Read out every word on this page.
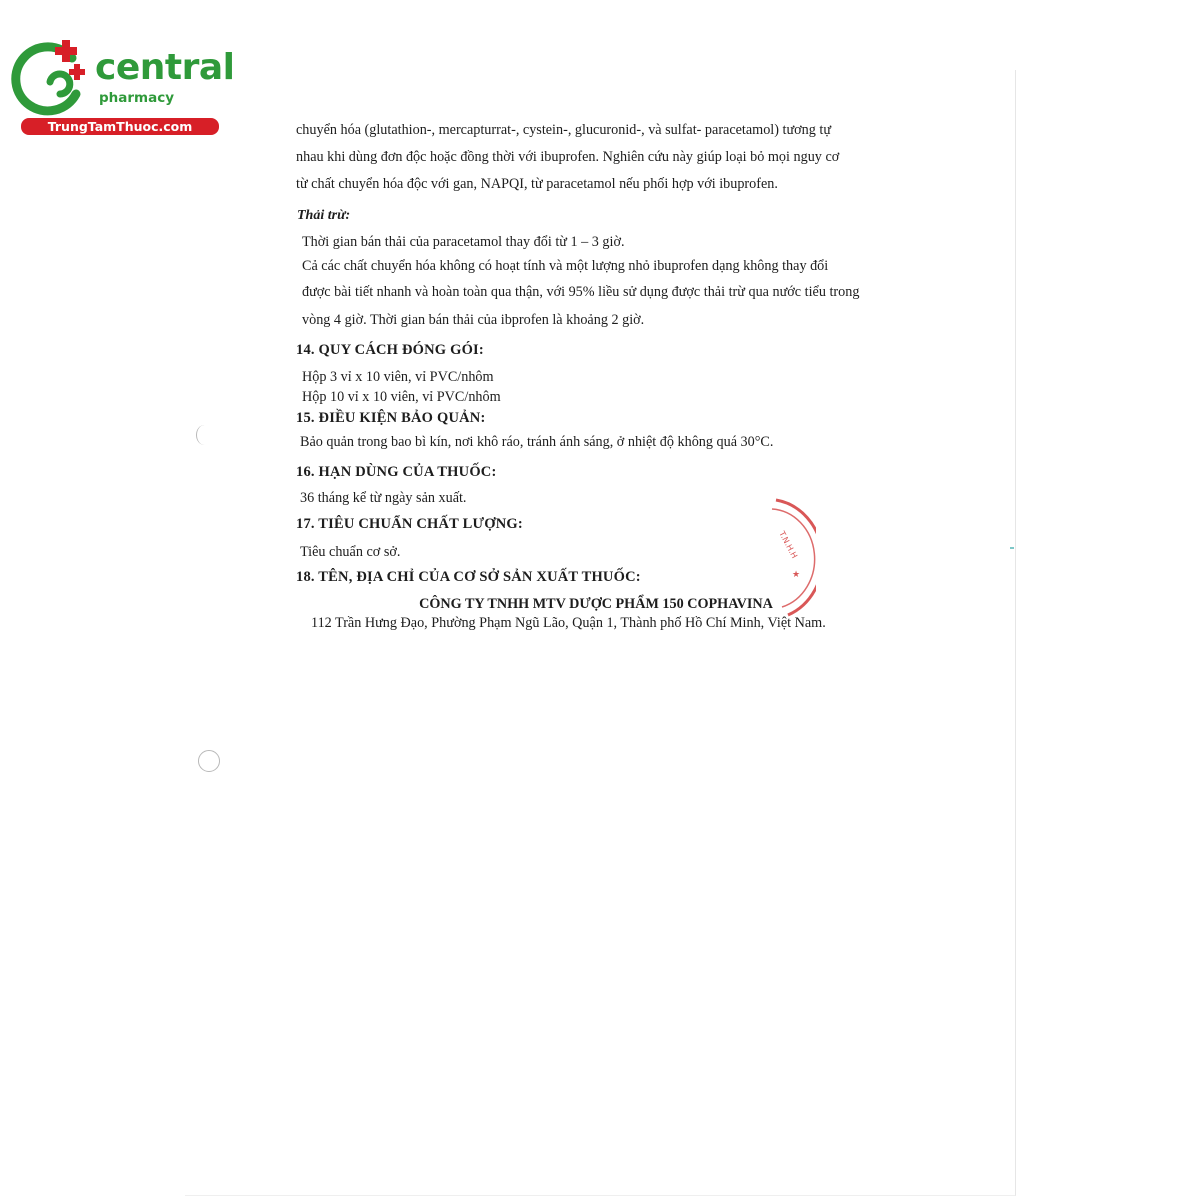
central
pharmacy
TrungTamThuoc.com	chuyển hóa (glutathion-, mercapturrat-, cystein-, glucuronid-, và sulfat- paracetamol) tương tự
nhau khi dùng đơn độc hoặc đồng thời với ibuprofen. Nghiên cứu này giúp loại bỏ mọi nguy cơ
từ chất chuyển hóa độc với gan, NAPQI, từ paracetamol nếu phối hợp với ibuprofen.
Thải trừ:
Thời gian bán thải của paracetamol thay đổi từ 1 – 3 giờ.
Cả các chất chuyển hóa không có hoạt tính và một lượng nhỏ ibuprofen dạng không thay đổi
được bài tiết nhanh và hoàn toàn qua thận, với 95% liều sử dụng được thải trừ qua nước tiểu trong
vòng 4 giờ. Thời gian bán thải của ibprofen là khoảng 2 giờ.
14. QUY CÁCH ĐÓNG GÓI:
Hộp 3 vỉ x 10 viên, vỉ PVC/nhôm
Hộp 10 vỉ x 10 viên, vỉ PVC/nhôm
15. ĐIỀU KIỆN BẢO QUẢN:
Bảo quản trong bao bì kín, nơi khô ráo, tránh ánh sáng, ở nhiệt độ không quá 30°C.
16. HẠN DÙNG CỦA THUỐC:
36 tháng kể từ ngày sản xuất.
17. TIÊU CHUẨN CHẤT LƯỢNG:
Tiêu chuẩn cơ sở.
18. TÊN, ĐỊA CHỈ CỦA CƠ SỞ SẢN XUẤT THUỐC:
CÔNG TY TNHH MTV DƯỢC PHẨM 150 COPHAVINA
112 Trần Hưng Đạo, Phường Phạm Ngũ Lão, Quận 1, Thành phố Hồ Chí Minh, Việt Nam.
T.N.H.H
★
